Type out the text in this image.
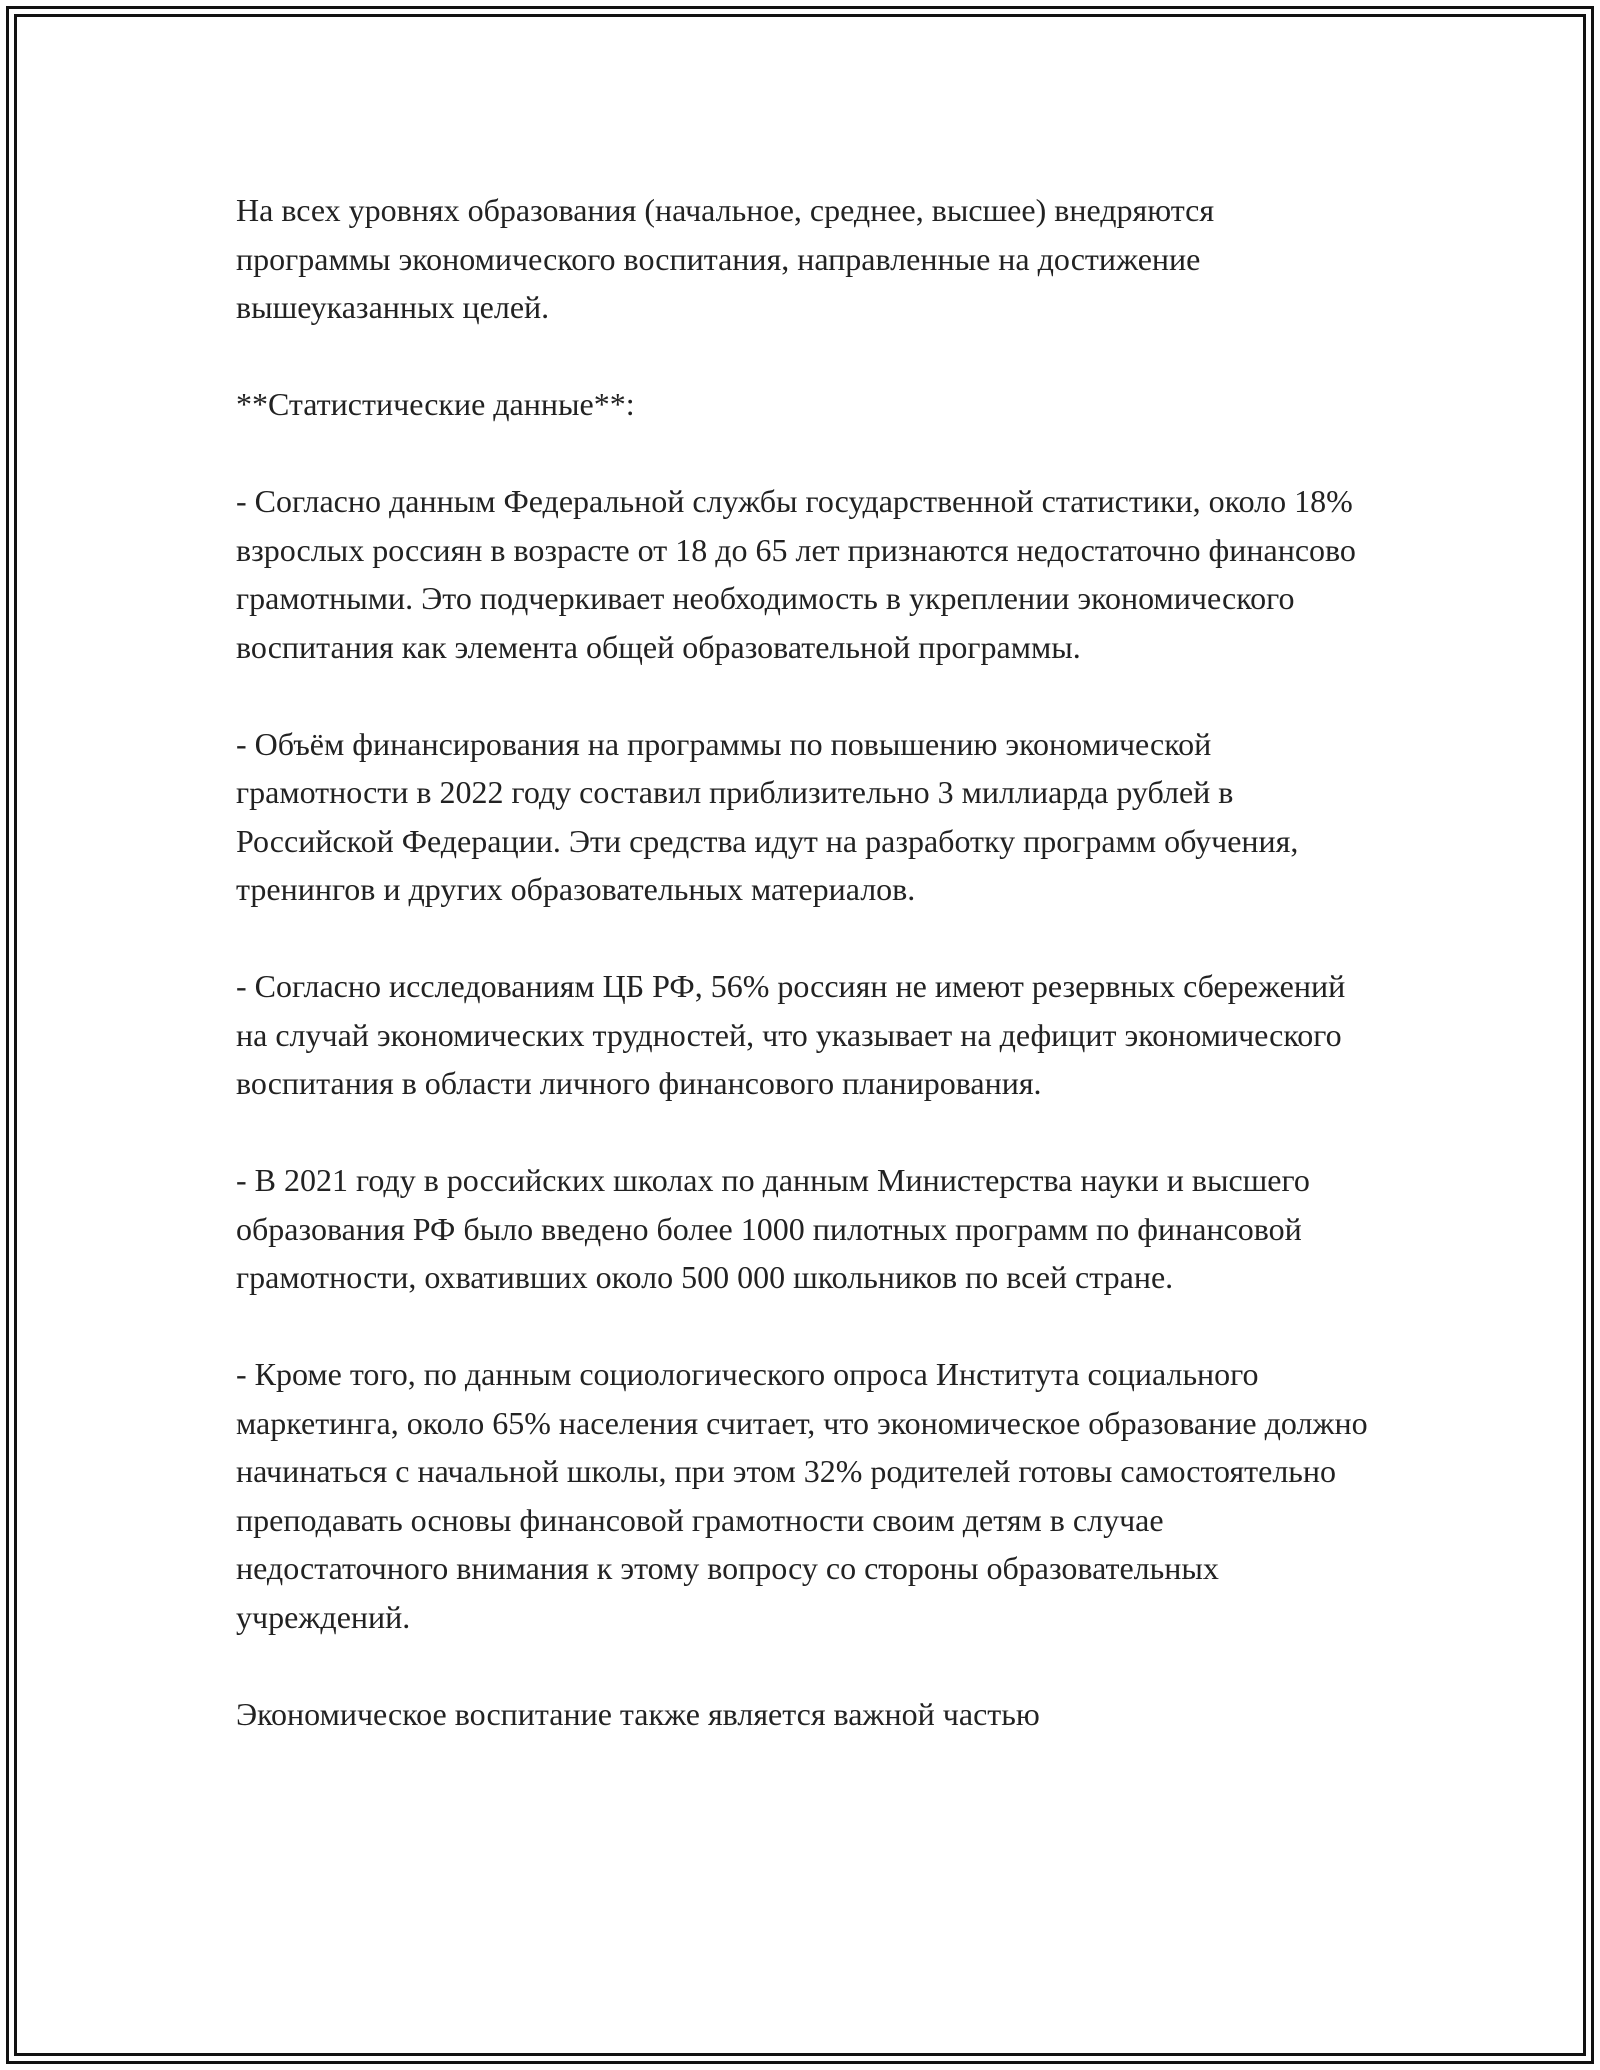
На всех уровнях образования (начальное, среднее, высшее) внедряются программы экономического воспитания, направленные на достижение вышеуказанных целей.

**Статистические данные**:

- Согласно данным Федеральной службы государственной статистики, около 18% взрослых россиян в возрасте от 18 до 65 лет признаются недостаточно финансово грамотными. Это подчеркивает необходимость в укреплении экономического воспитания как элемента общей образовательной программы.

- Объём финансирования на программы по повышению экономической грамотности в 2022 году составил приблизительно 3 миллиарда рублей в Российской Федерации. Эти средства идут на разработку программ обучения, тренингов и других образовательных материалов.

- Согласно исследованиям ЦБ РФ, 56% россиян не имеют резервных сбережений на случай экономических трудностей, что указывает на дефицит экономического воспитания в области личного финансового планирования.

- В 2021 году в российских школах по данным Министерства науки и высшего образования РФ было введено более 1000 пилотных программ по финансовой грамотности, охвативших около 500 000 школьников по всей стране.

- Кроме того, по данным социологического опроса Института социального маркетинга, около 65% населения считает, что экономическое образование должно начинаться с начальной школы, при этом 32% родителей готовы самостоятельно преподавать основы финансовой грамотности своим детям в случае недостаточного внимания к этому вопросу со стороны образовательных учреждений.

Экономическое воспитание также является важной частью
